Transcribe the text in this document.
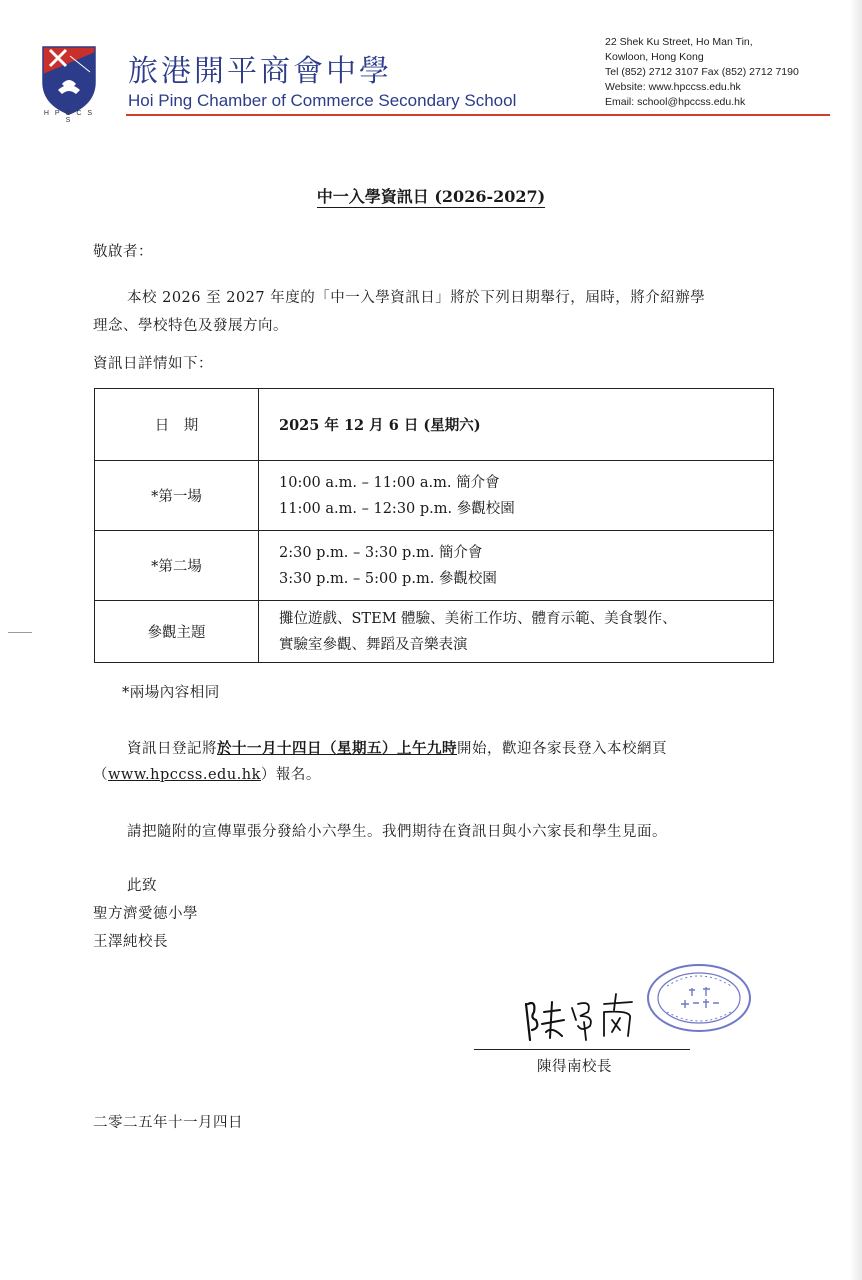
H P C C S S
旅港開平商會中學
Hoi Ping Chamber of Commerce Secondary School
22 Shek Ku Street, Ho Man Tin,
Kowloon, Hong Kong
Tel (852) 2712 3107 Fax (852) 2712 7190
Website: www.hpccss.edu.hk
Email: school@hpccss.edu.hk
中一入學資訊日 (2026-2027)
敬啟者：
本校 2026 至 2027 年度的「中一入學資訊日」將於下列日期舉行，屆時，將介紹辦學
理念、學校特色及發展方向。
資訊日詳情如下：
日　期	2025 年 12 月 6 日 (星期六)
*第一場	10:00 a.m. – 11:00 a.m. 簡介會
11:00 a.m. – 12:30 p.m. 參觀校園

*第二場	2:30 p.m. – 3:30 p.m. 簡介會
3:30 p.m. – 5:00 p.m. 參觀校園

參觀主題	攤位遊戲、STEM 體驗、美術工作坊、體育示範、美食製作、
實驗室參觀、舞蹈及音樂表演
*兩場內容相同
資訊日登記將於十一月十四日（星期五）上午九時開始，歡迎各家長登入本校網頁
（www.hpccss.edu.hk）報名。
請把隨附的宣傳單張分發給小六學生。我們期待在資訊日與小六家長和學生見面。
此致
聖方濟愛德小學
王澤純校長
陳得南校長
二零二五年十一月四日
